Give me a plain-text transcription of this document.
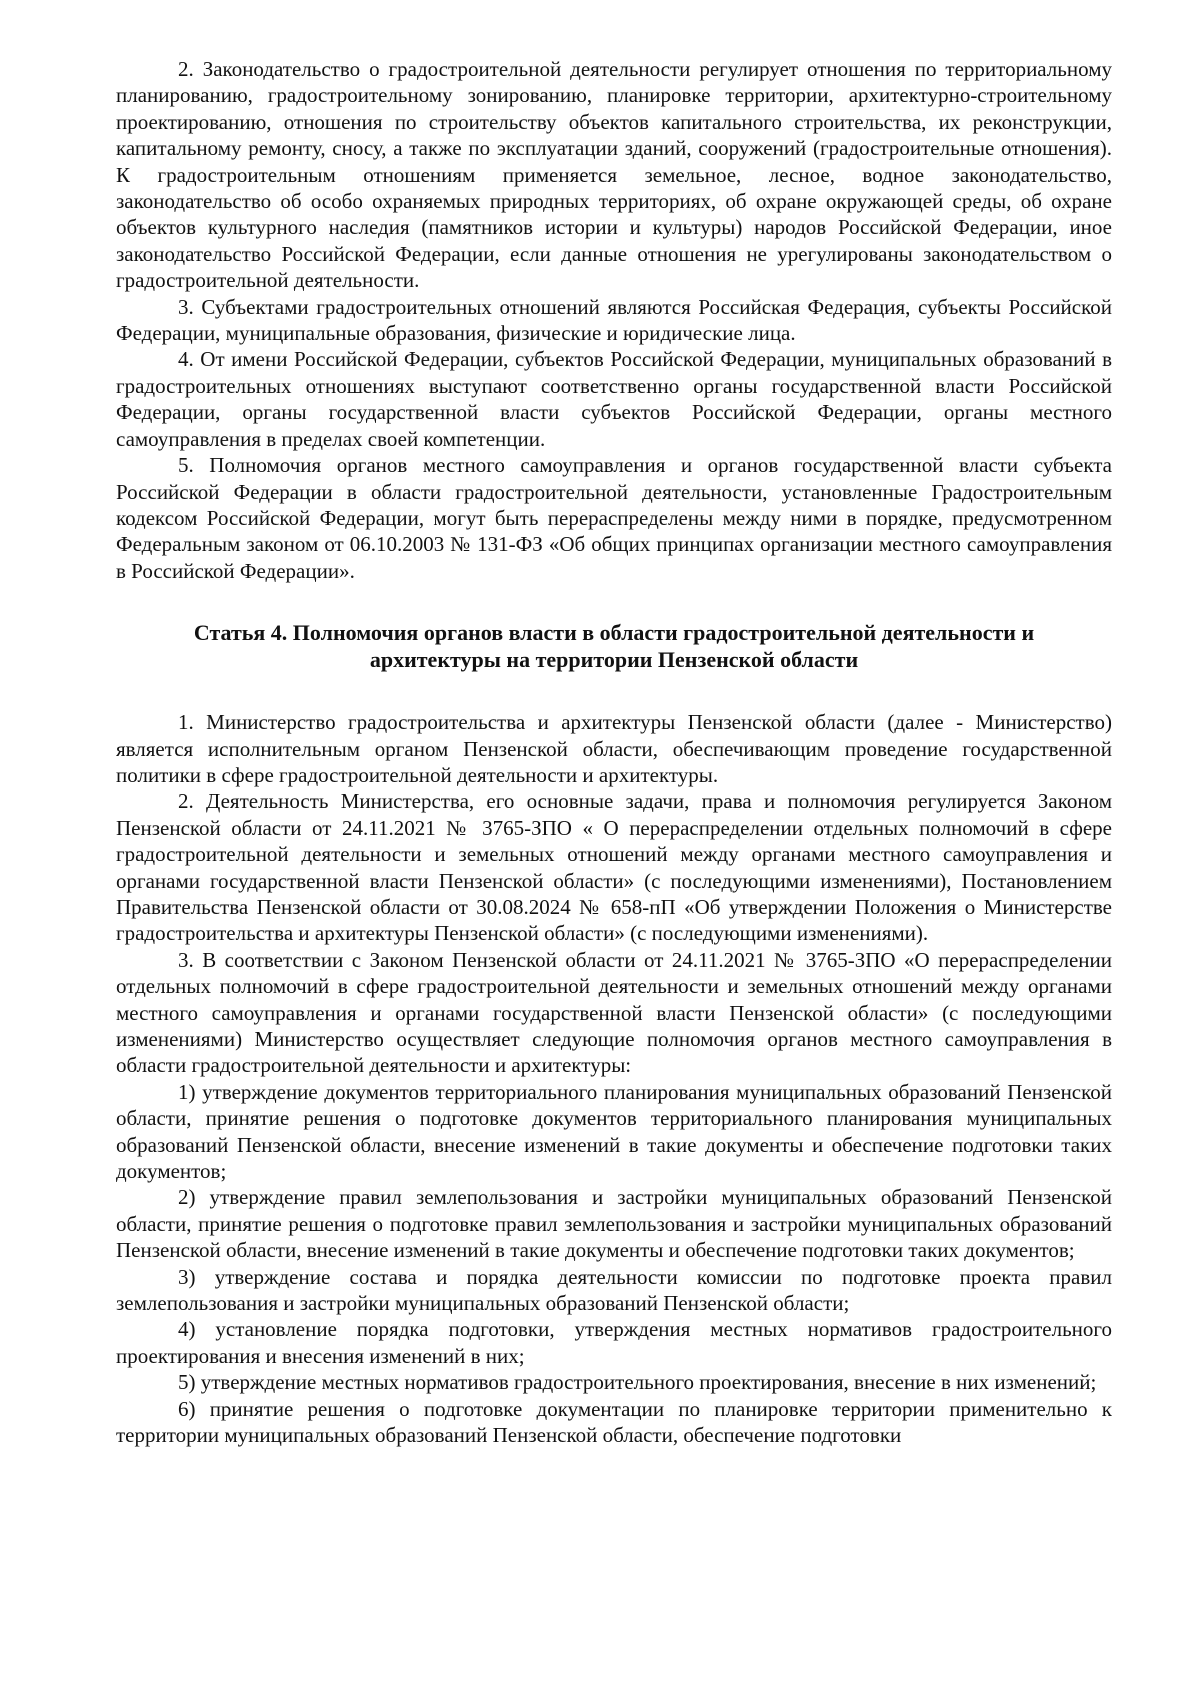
2. Законодательство о градостроительной деятельности регулирует отношения по территориальному планированию, градостроительному зонированию, планировке территории, архитектурно-строительному проектированию, отношения по строительству объектов капитального строительства, их реконструкции, капитальному ремонту, сносу, а также по эксплуатации зданий, сооружений (градостроительные отношения). К градостроительным отношениям применяется земельное, лесное, водное законодательство, законодательство об особо охраняемых природных территориях, об охране окружающей среды, об охране объектов культурного наследия (памятников истории и культуры) народов Российской Федерации, иное законодательство Российской Федерации, если данные отношения не урегулированы законодательством о градостроительной деятельности.

3. Субъектами градостроительных отношений являются Российская Федерация, субъекты Российской Федерации, муниципальные образования, физические и юридические лица.

4. От имени Российской Федерации, субъектов Российской Федерации, муниципальных образований в градостроительных отношениях выступают соответственно органы государственной власти Российской Федерации, органы государственной власти субъектов Российской Федерации, органы местного самоуправления в пределах своей компетенции.

5. Полномочия органов местного самоуправления и органов государственной власти субъекта Российской Федерации в области градостроительной деятельности, установленные Градостроительным кодексом Российской Федерации, могут быть перераспределены между ними в порядке, предусмотренном Федеральным законом от 06.10.2003 № 131-ФЗ «Об общих принципах организации местного самоуправления в Российской Федерации».

Статья 4. Полномочия органов власти в области градостроительной деятельности и
архитектуры на территории Пензенской области

1. Министерство градостроительства и архитектуры Пензенской области (далее - Министерство) является исполнительным органом Пензенской области, обеспечивающим проведение государственной политики в сфере градостроительной деятельности и архитектуры.

2. Деятельность Министерства, его основные задачи, права и полномочия регулируется Законом Пензенской области от 24.11.2021 № 3765-ЗПО « О перераспределении отдельных полномочий в сфере градостроительной деятельности и земельных отношений между органами местного самоуправления и органами государственной власти Пензенской области» (с последующими изменениями), Постановлением Правительства Пензенской области от 30.08.2024 № 658-пП «Об утверждении Положения о Министерстве градостроительства и архитектуры Пензенской области» (с последующими изменениями).

3. В соответствии с Законом Пензенской области от 24.11.2021 № 3765-ЗПО «О перераспределении отдельных полномочий в сфере градостроительной деятельности и земельных отношений между органами местного самоуправления и органами государственной власти Пензенской области» (с последующими изменениями) Министерство осуществляет следующие полномочия органов местного самоуправления в области градостроительной деятельности и архитектуры:

1) утверждение документов территориального планирования муниципальных образований Пензенской области, принятие решения о подготовке документов территориального планирования муниципальных образований Пензенской области, внесение изменений в такие документы и обеспечение подготовки таких документов;

2) утверждение правил землепользования и застройки муниципальных образований Пензенской области, принятие решения о подготовке правил землепользования и застройки муниципальных образований Пензенской области, внесение изменений в такие документы и обеспечение подготовки таких документов;

3) утверждение состава и порядка деятельности комиссии по подготовке проекта правил землепользования и застройки муниципальных образований Пензенской области;

4) установление порядка подготовки, утверждения местных нормативов градостроительного проектирования и внесения изменений в них;

5) утверждение местных нормативов градостроительного проектирования, внесение в них изменений;

6) принятие решения о подготовке документации по планировке территории применительно к территории муниципальных образований Пензенской области, обеспечение подготовки
